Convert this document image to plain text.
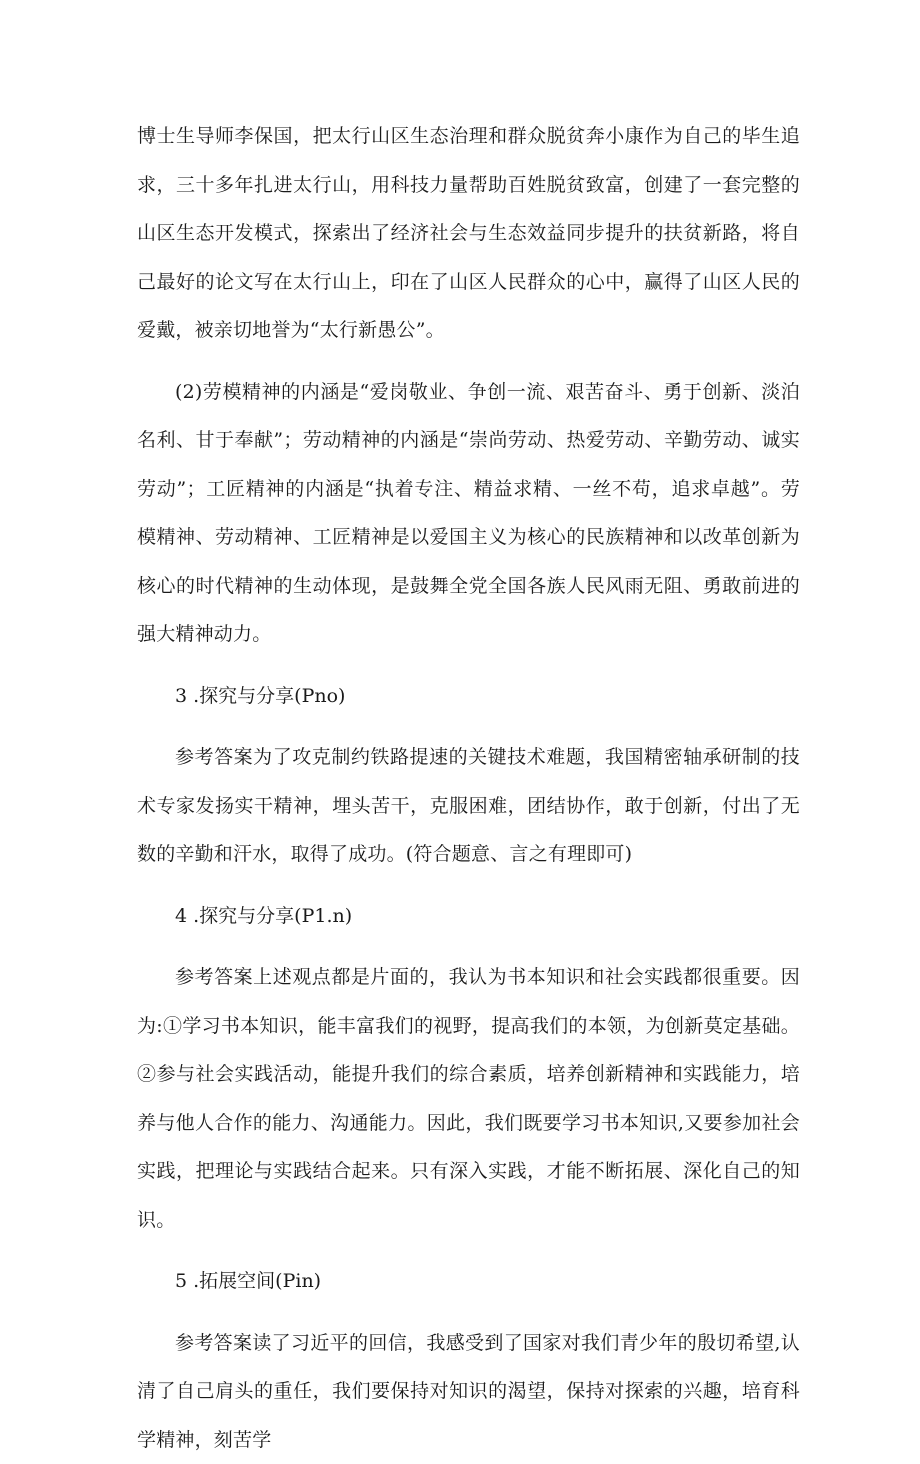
博士生导师李保国，把太行山区生态治理和群众脱贫奔小康作为自己的毕生追求，三十多年扎进太行山，用科技力量帮助百姓脱贫致富，创建了一套完整的山区生态开发模式，探索出了经济社会与生态效益同步提升的扶贫新路，将自己最好的论文写在太行山上，印在了山区人民群众的心中，赢得了山区人民的爱戴，被亲切地誉为“太行新愚公”。

(2)劳模精神的内涵是“爱岗敬业、争创一流、艰苦奋斗、勇于创新、淡泊名利、甘于奉献”；劳动精神的内涵是“崇尚劳动、热爱劳动、辛勤劳动、诚实劳动”；工匠精神的内涵是“执着专注、精益求精、一丝不苟，追求卓越”。劳模精神、劳动精神、工匠精神是以爱国主义为核心的民族精神和以改革创新为核心的时代精神的生动体现，是鼓舞全党全国各族人民风雨无阻、勇敢前进的强大精神动力。

3 .探究与分享(Pno)

参考答案为了攻克制约铁路提速的关键技术难题，我国精密轴承研制的技术专家发扬实干精神，埋头苦干，克服困难，团结协作，敢于创新，付出了无数的辛勤和汗水，取得了成功。(符合题意、言之有理即可)

4 .探究与分享(P1.n)

参考答案上述观点都是片面的，我认为书本知识和社会实践都很重要。因为:①学习书本知识，能丰富我们的视野，提高我们的本领，为创新莫定基础。②参与社会实践活动，能提升我们的综合素质，培养创新精神和实践能力，培养与他人合作的能力、沟通能力。因此，我们既要学习书本知识,又要参加社会实践，把理论与实践结合起来。只有深入实践，才能不断拓展、深化自己的知识。

5 .拓展空间(Pin)

参考答案读了习近平的回信，我感受到了国家对我们青少年的殷切希望,认清了自己肩头的重任，我们要保持对知识的渴望，保持对探索的兴趣，培育科学精神，刻苦学
